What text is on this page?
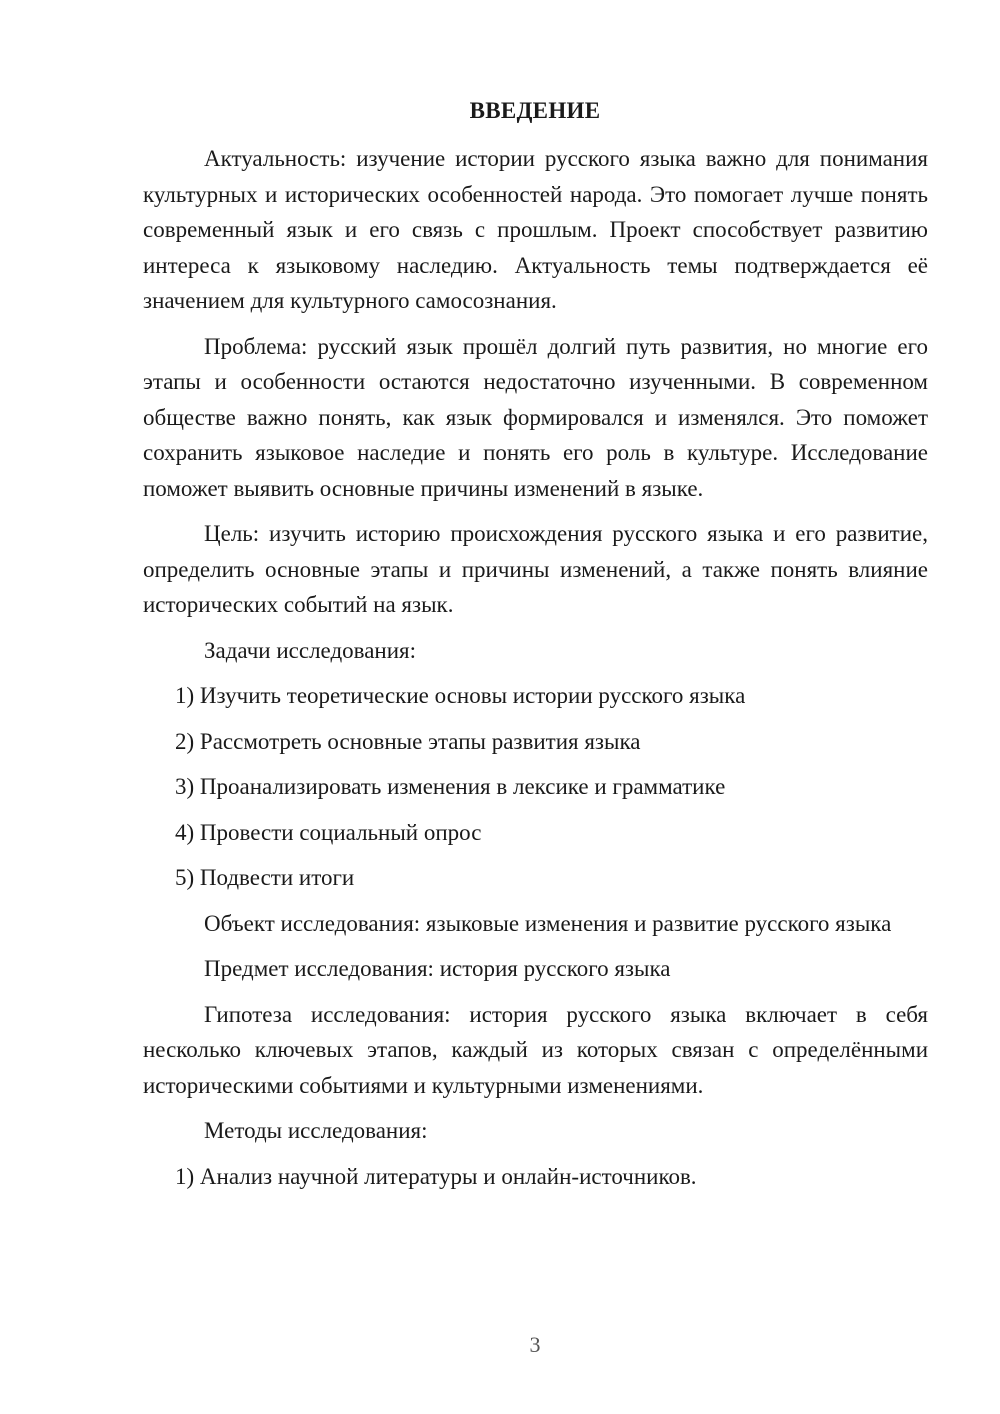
ВВЕДЕНИЕ

Актуальность: изучение истории русского языка важно для понимания культурных и исторических особенностей народа. Это помогает лучше понять современный язык и его связь с прошлым. Проект способствует развитию интереса к языковому наследию. Актуальность темы подтверждается её значением для культурного самосознания.

Проблема: русский язык прошёл долгий путь развития, но многие его этапы и особенности остаются недостаточно изученными. В современном обществе важно понять, как язык формировался и изменялся. Это поможет сохранить языковое наследие и понять его роль в культуре. Исследование поможет выявить основные причины изменений в языке.

Цель: изучить историю происхождения русского языка и его развитие, определить основные этапы и причины изменений, а также понять влияние исторических событий на язык.

Задачи исследования:

1) Изучить теоретические основы истории русского языка
2) Рассмотреть основные этапы развития языка
3) Проанализировать изменения в лексике и грамматике
4) Провести социальный опрос
5) Подвести итоги

Объект исследования: языковые изменения и развитие русского языка

Предмет исследования: история русского языка

Гипотеза исследования: история русского языка включает в себя несколько ключевых этапов, каждый из которых связан с определёнными историческими событиями и культурными изменениями.

Методы исследования:

1) Анализ научной литературы и онлайн-источников.
3
